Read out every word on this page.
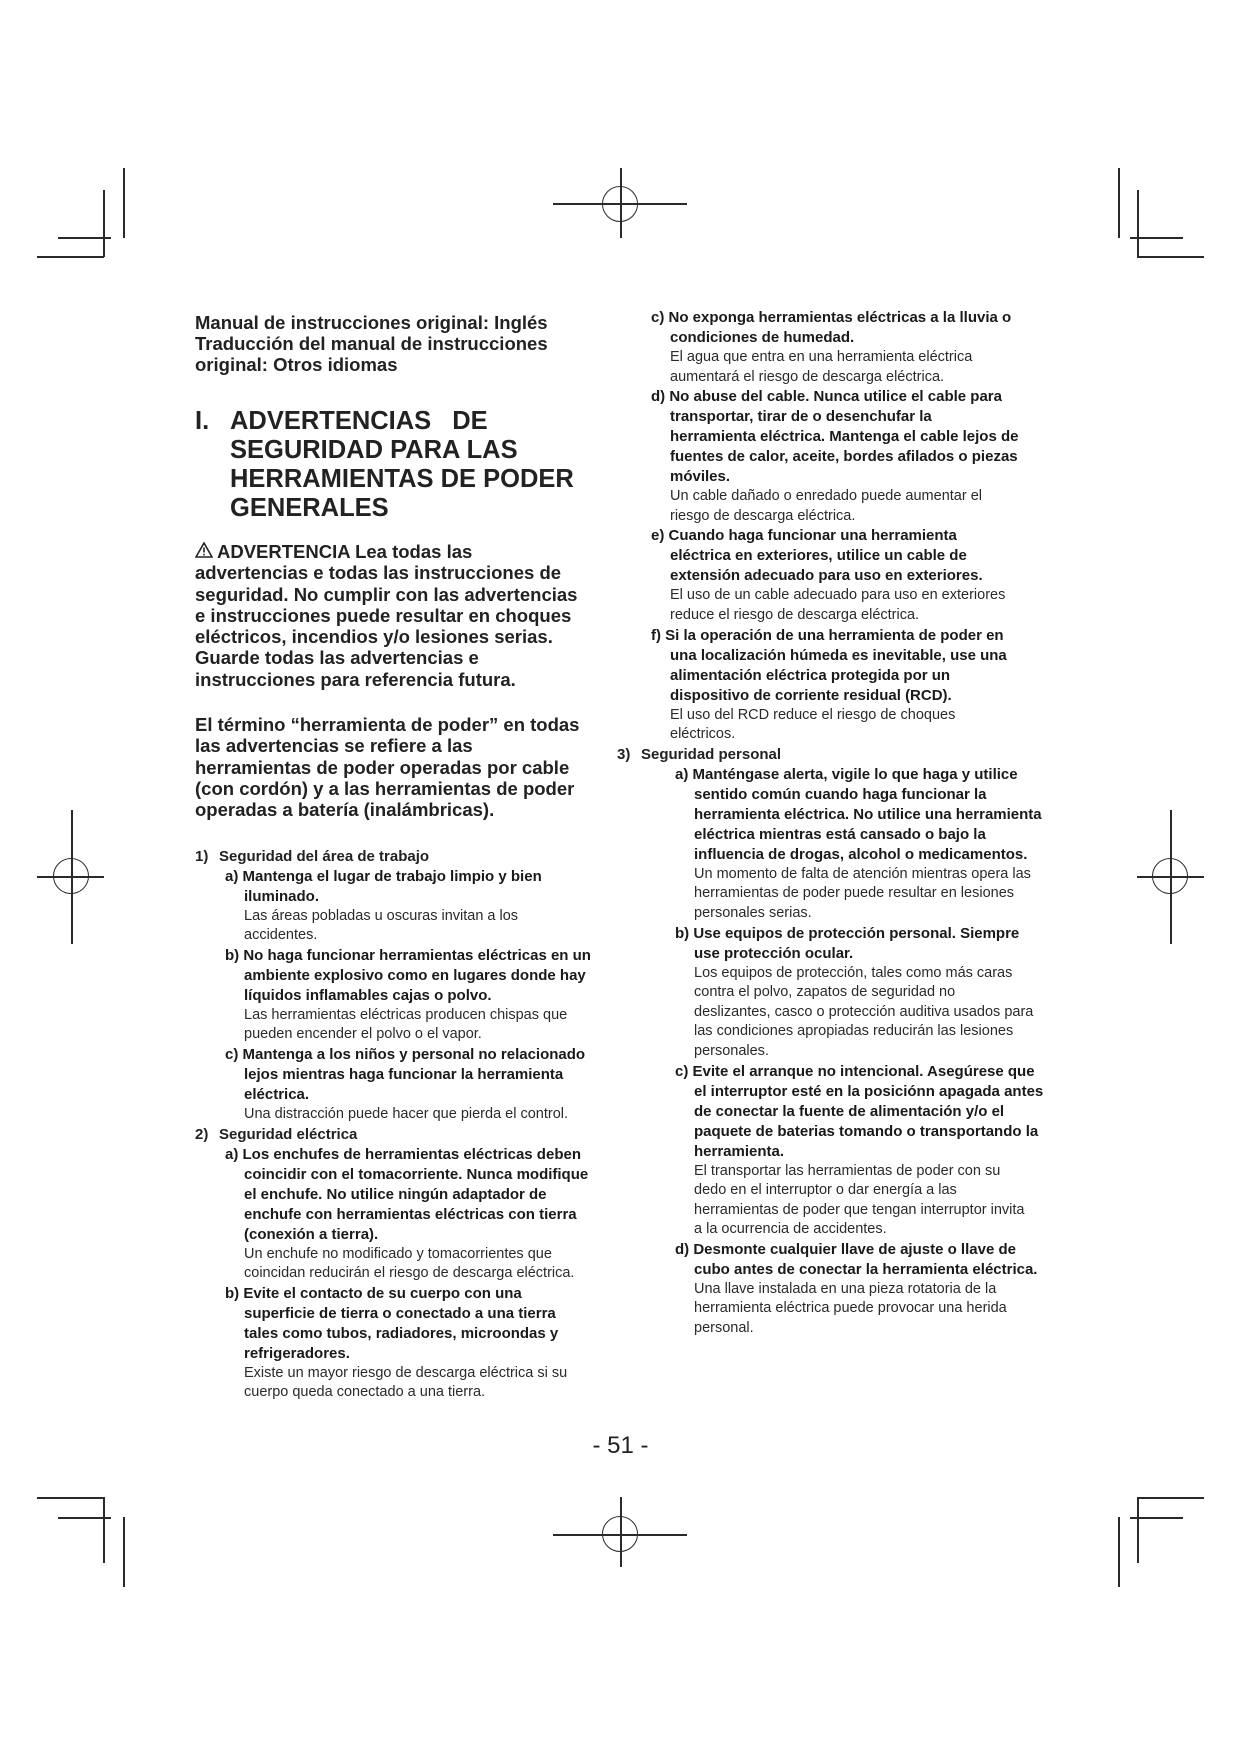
Manual de instrucciones original: Inglés
Traducción del manual de instrucciones
original: Otros idiomas
I. ADVERTENCIAS DE
SEGURIDAD PARA LAS
HERRAMIENTAS DE PODER
GENERALES
ADVERTENCIA Lea todas las
advertencias e todas las instrucciones de
seguridad. No cumplir con las advertencias
e instrucciones puede resultar en choques
eléctricos, incendios y/o lesiones serias.
Guarde todas las advertencias e
instrucciones para referencia futura.
El término “herramienta de poder” en todas
las advertencias se refiere a las
herramientas de poder operadas por cable
(con cordón) y a las herramientas de poder
operadas a batería (inalámbricas).
1) Seguridad del área de trabajo
a) Mantenga el lugar de trabajo limpio y bien
iluminado.
Las áreas pobladas u oscuras invitan a los
accidentes.
b) No haga funcionar herramientas eléctricas en un
ambiente explosivo como en lugares donde hay
líquidos inflamables cajas o polvo.
Las herramientas eléctricas producen chispas que
pueden encender el polvo o el vapor.
c) Mantenga a los niños y personal no relacionado
lejos mientras haga funcionar la herramienta
eléctrica.
Una distracción puede hacer que pierda el control.
2) Seguridad eléctrica
a) Los enchufes de herramientas eléctricas deben
coincidir con el tomacorriente. Nunca modifique
el enchufe. No utilice ningún adaptador de
enchufe con herramientas eléctricas con tierra
(conexión a tierra).
Un enchufe no modificado y tomacorrientes que
coincidan reducirán el riesgo de descarga eléctrica.
b) Evite el contacto de su cuerpo con una
superficie de tierra o conectado a una tierra
tales como tubos, radiadores, microondas y
refrigeradores.
Existe un mayor riesgo de descarga eléctrica si su
cuerpo queda conectado a una tierra.
c) No exponga herramientas eléctricas a la lluvia o
condiciones de humedad.
El agua que entra en una herramienta eléctrica
aumentará el riesgo de descarga eléctrica.
d) No abuse del cable. Nunca utilice el cable para
transportar, tirar de o desenchufar la
herramienta eléctrica. Mantenga el cable lejos de
fuentes de calor, aceite, bordes afilados o piezas
móviles.
Un cable dañado o enredado puede aumentar el
riesgo de descarga eléctrica.
e) Cuando haga funcionar una herramienta
eléctrica en exteriores, utilice un cable de
extensión adecuado para uso en exteriores.
El uso de un cable adecuado para uso en exteriores
reduce el riesgo de descarga eléctrica.
f) Si la operación de una herramienta de poder en
una localización húmeda es inevitable, use una
alimentación eléctrica protegida por un
dispositivo de corriente residual (RCD).
El uso del RCD reduce el riesgo de choques
eléctricos.
3) Seguridad personal
a) Manténgase alerta, vigile lo que haga y utilice
sentido común cuando haga funcionar la
herramienta eléctrica. No utilice una herramienta
eléctrica mientras está cansado o bajo la
influencia de drogas, alcohol o medicamentos.
Un momento de falta de atención mientras opera las
herramientas de poder puede resultar en lesiones
personales serias.
b) Use equipos de protección personal. Siempre
use protección ocular.
Los equipos de protección, tales como más caras
contra el polvo, zapatos de seguridad no
deslizantes, casco o protección auditiva usados para
las condiciones apropiadas reducirán las lesiones
personales.
c) Evite el arranque no intencional. Asegúrese que
el interruptor esté en la posiciónn apagada antes
de conectar la fuente de alimentación y/o el
paquete de baterias tomando o transportando la
herramienta.
El transportar las herramientas de poder con su
dedo en el interruptor o dar energía a las
herramientas de poder que tengan interruptor invita
a la ocurrencia de accidentes.
d) Desmonte cualquier llave de ajuste o llave de
cubo antes de conectar la herramienta eléctrica.
Una llave instalada en una pieza rotatoria de la
herramienta eléctrica puede provocar una herida
personal.
- 51 -
